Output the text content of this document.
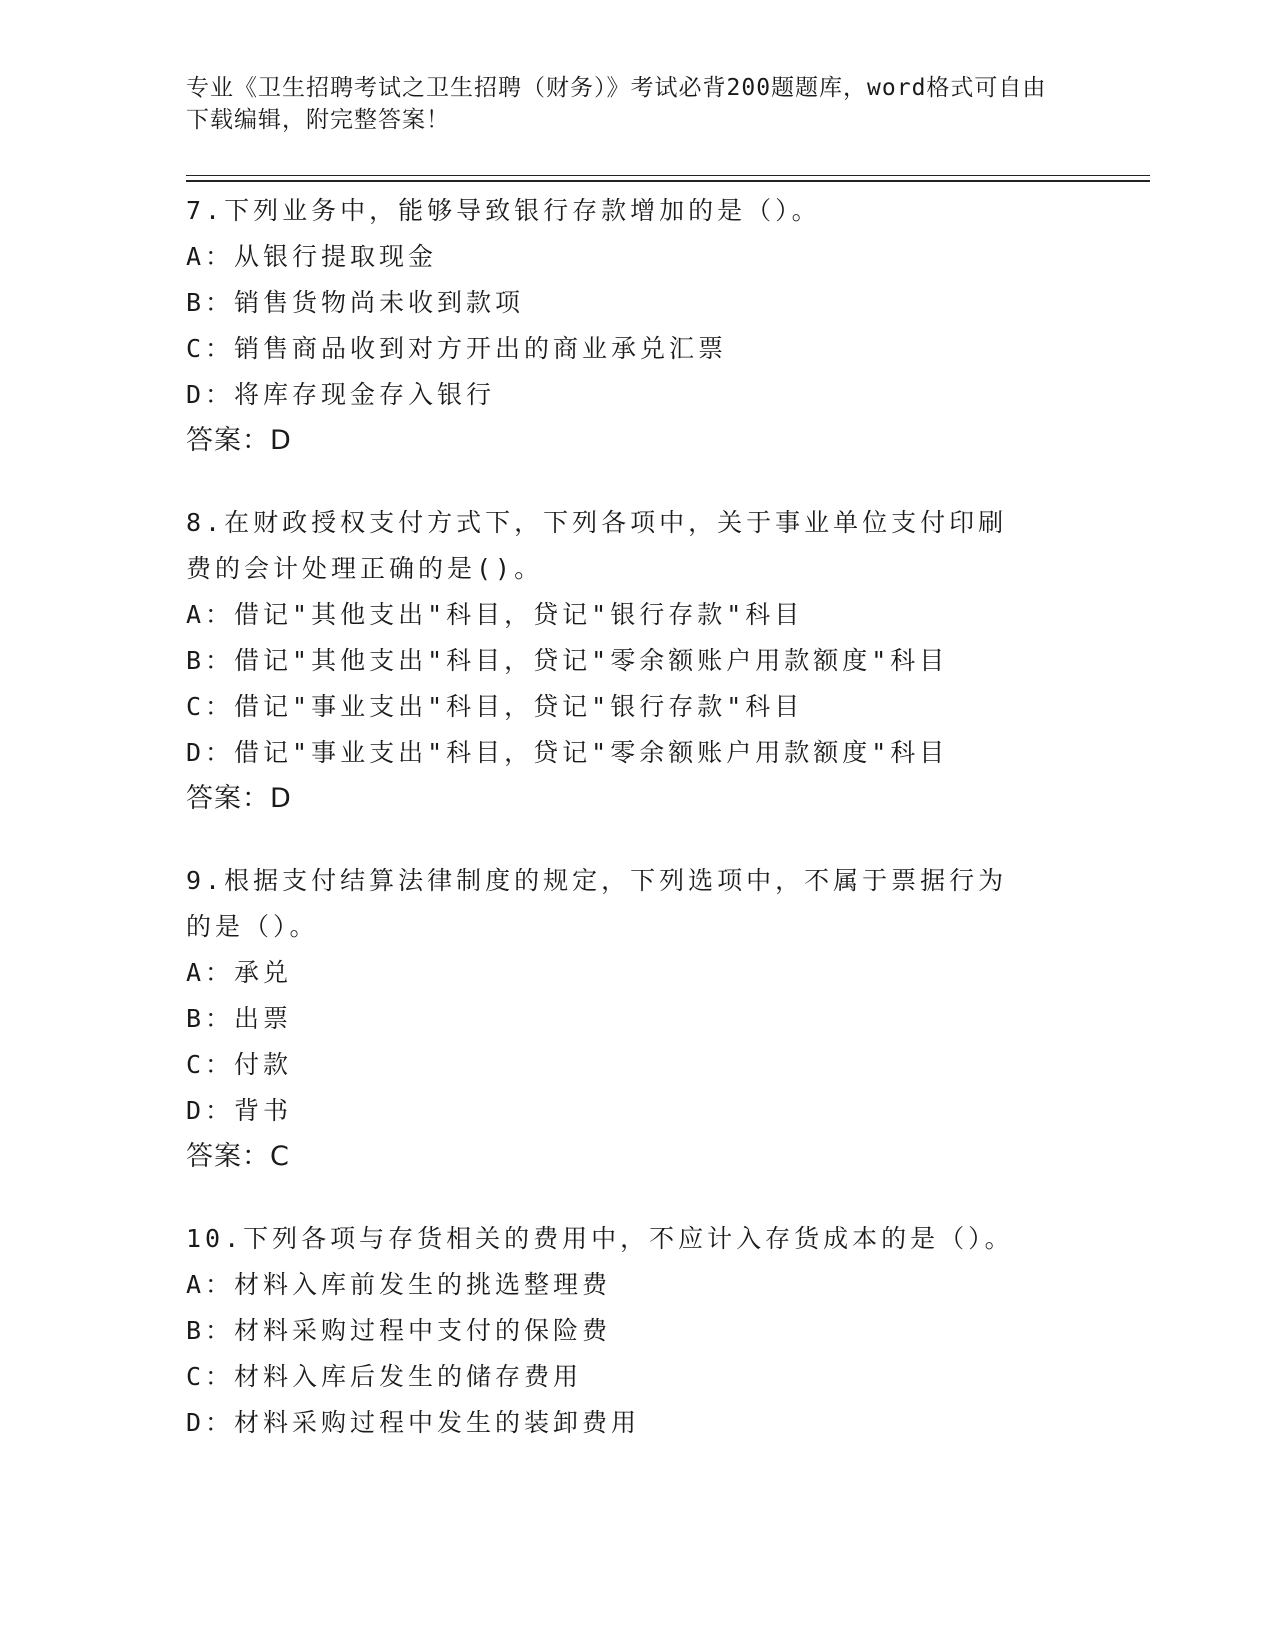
专业《卫生招聘考试之卫生招聘（财务）》考试必背200题题库，word格式可自由下载编辑，附完整答案！
7.下列业务中，能够导致银行存款增加的是（）。
A：从银行提取现金
B：销售货物尚未收到款项
C：销售商品收到对方开出的商业承兑汇票
D：将库存现金存入银行
答案：D
8.在财政授权支付方式下，下列各项中，关于事业单位支付印刷费的会计处理正确的是()。
A：借记"其他支出"科目，贷记"银行存款"科目
B：借记"其他支出"科目，贷记"零余额账户用款额度"科目
C：借记"事业支出"科目，贷记"银行存款"科目
D：借记"事业支出"科目，贷记"零余额账户用款额度"科目
答案：D
9.根据支付结算法律制度的规定，下列选项中，不属于票据行为的是（）。
A：承兑
B：出票
C：付款
D：背书
答案：C
10.下列各项与存货相关的费用中，不应计入存货成本的是（）。
A：材料入库前发生的挑选整理费
B：材料采购过程中支付的保险费
C：材料入库后发生的储存费用
D：材料采购过程中发生的装卸费用
